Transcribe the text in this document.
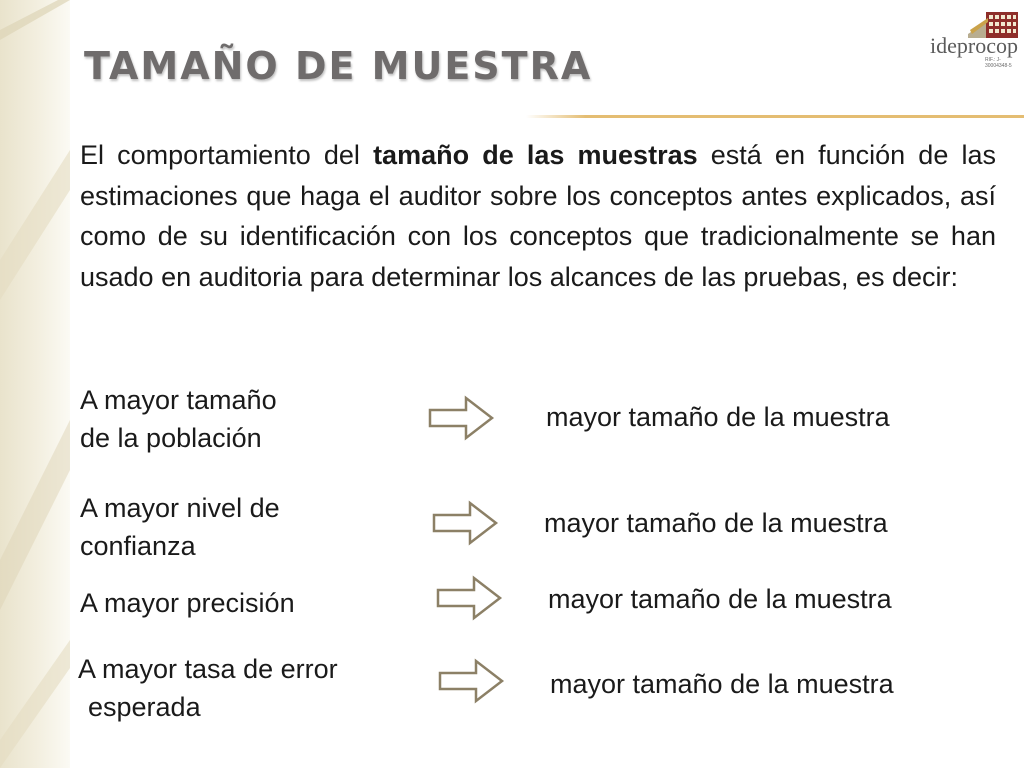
TAMAÑO DE MUESTRA	ideprocop
RIF.: J-30004348-5

El comportamiento del tamaño de las muestras está en función de las estimaciones que haga el auditor sobre los conceptos antes explicados, así como de su identificación con los conceptos que tradicionalmente se han usado en auditoria para determinar los alcances de las pruebas, es decir:

A mayor tamaño
de la población

mayor tamaño de la muestra

A mayor nivel de
confianza

mayor tamaño de la muestra

A mayor precisión	mayor tamaño de la muestra

A mayor tasa de error
esperada

mayor tamaño de la muestra
